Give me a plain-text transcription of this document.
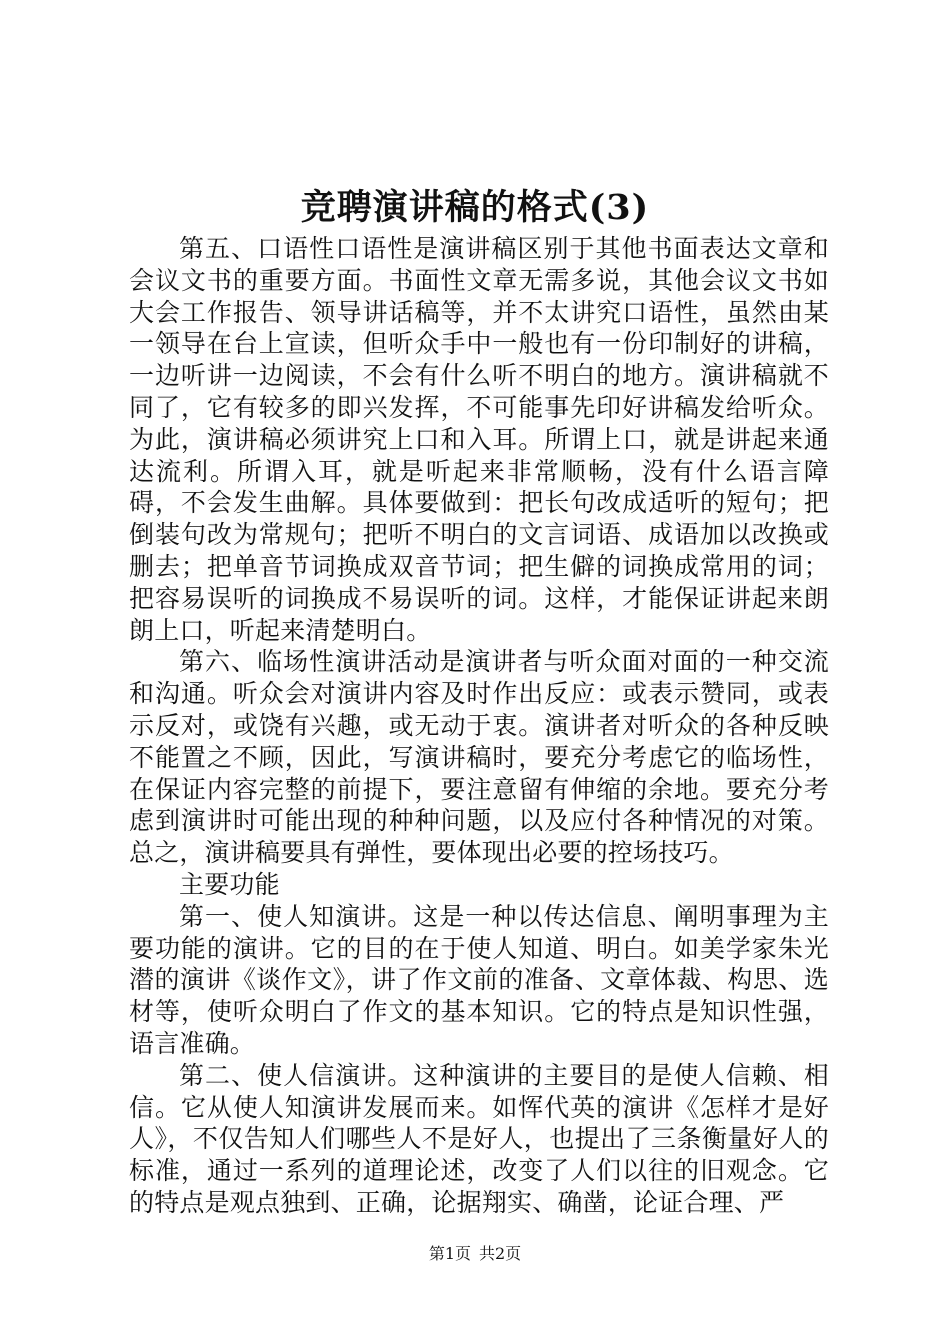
竞聘演讲稿的格式(3)

第五、口语性口语性是演讲稿区别于其他书面表达文章和会议文书的重要方面。书面性文章无需多说，其他会议文书如大会工作报告、领导讲话稿等，并不太讲究口语性，虽然由某一领导在台上宣读，但听众手中一般也有一份印制好的讲稿，一边听讲一边阅读，不会有什么听不明白的地方。演讲稿就不同了，它有较多的即兴发挥，不可能事先印好讲稿发给听众。为此，演讲稿必须讲究上口和入耳。所谓上口，就是讲起来通达流利。所谓入耳，就是听起来非常顺畅，没有什么语言障碍，不会发生曲解。具体要做到：把长句改成适听的短句；把倒装句改为常规句；把听不明白的文言词语、成语加以改换或删去；把单音节词换成双音节词；把生僻的词换成常用的词；把容易误听的词换成不易误听的词。这样，才能保证讲起来朗朗上口，听起来清楚明白。

第六、临场性演讲活动是演讲者与听众面对面的一种交流和沟通。听众会对演讲内容及时作出反应：或表示赞同，或表示反对，或饶有兴趣，或无动于衷。演讲者对听众的各种反映不能置之不顾，因此，写演讲稿时，要充分考虑它的临场性，在保证内容完整的前提下，要注意留有伸缩的余地。要充分考虑到演讲时可能出现的种种问题，以及应付各种情况的对策。总之，演讲稿要具有弹性，要体现出必要的控场技巧。

主要功能

第一、使人知演讲。这是一种以传达信息、阐明事理为主要功能的演讲。它的目的在于使人知道、明白。如美学家朱光潜的演讲《谈作文》，讲了作文前的准备、文章体裁、构思、选材等，使听众明白了作文的基本知识。它的特点是知识性强，语言准确。

第二、使人信演讲。这种演讲的主要目的是使人信赖、相信。它从使人知演讲发展而来。如恽代英的演讲《怎样才是好人》，不仅告知人们哪些人不是好人，也提出了三条衡量好人的标准，通过一系列的道理论述，改变了人们以往的旧观念。它的特点是观点独到、正确，论据翔实、确凿，论证合理、严

第1页 共2页
